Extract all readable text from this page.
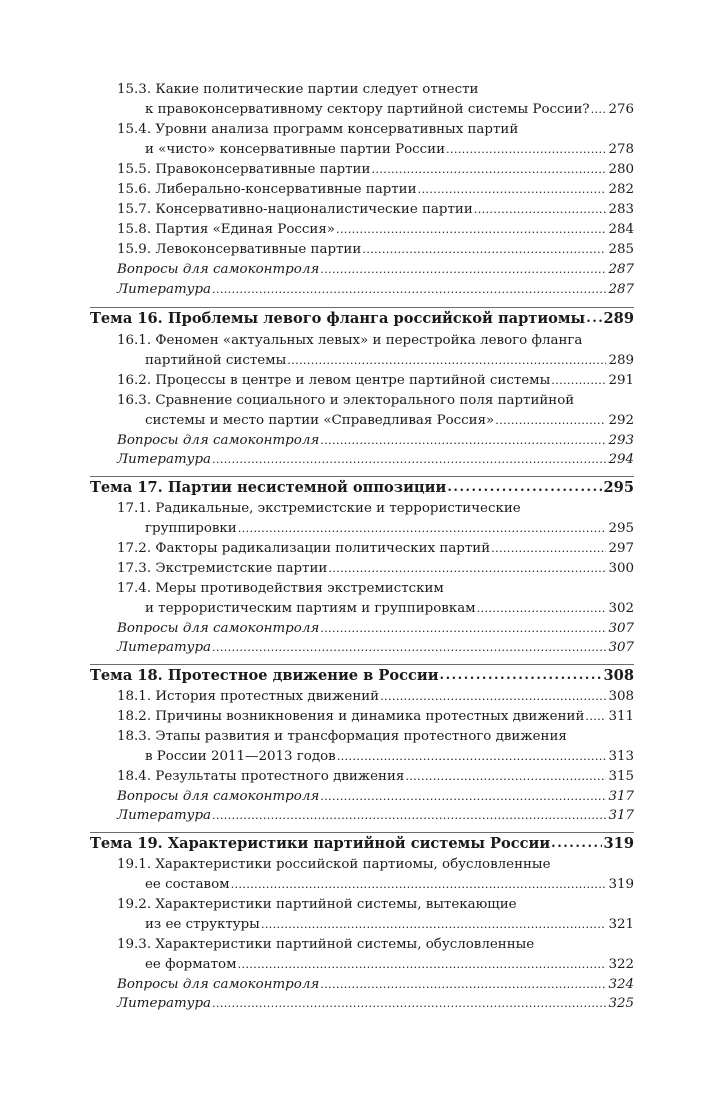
15.3. Какие политические партии следует отнести
к правоконсервативному сектору партийной системы России? . . . 276
15.4. Уровни анализа программ консервативных партий
и «чисто» консервативные партии России . . .	278
15.5. Правоконсервативные партии . . .	280
15.6. Либерально-консервативные партии . . .	282
15.7. Консервативно-националистические партии . . .	283
15.8. Партия «Единая Россия» . . .	284
15.9. Левоконсервативные партии . . .	285
Вопросы для самоконтроля . . .	287
Литература . . .	287
Тема 16. Проблемы левого фланга российской партиомы . . . 289
16.1. Феномен «актуальных левых» и перестройка левого фланга
партийной системы . . .	289
16.2. Процессы в центре и левом центре партийной системы . . .	291
16.3. Сравнение социального и электорального поля партийной
системы и место партии «Справедливая Россия» . . .	292
Вопросы для самоконтроля . . .	293
Литература . . .	294
Тема 17. Партии несистемной оппозиции . . .	295
17.1. Радикальные, экстремистские и террористические
группировки . . .	295
17.2. Факторы радикализации политических партий . . .	297
17.3. Экстремистские партии . . .	300
17.4. Меры противодействия экстремистским
и террористическим партиям и группировкам . . .	302
Вопросы для самоконтроля . . .	307
Литература . . .	307
Тема 18. Протестное движение в России . . .	308
18.1. История протестных движений . . .	308
18.2. Причины возникновения и динамика протестных движений . . . 311
18.3. Этапы развития и трансформация протестного движения
в России 2011—2013 годов . . .	313
18.4. Результаты протестного движения . . .	315
Вопросы для самоконтроля . . .	317
Литература . . .	317
Тема 19. Характеристики партийной системы России . . .	319
19.1. Характеристики российской партиомы, обусловленные
ее составом . . .	319
19.2. Характеристики партийной системы, вытекающие
из ее структуры . . .	321
19.3. Характеристики партийной системы, обусловленные
ее форматом . . .	322
Вопросы для самоконтроля . . .	324
Литература . . .	325
